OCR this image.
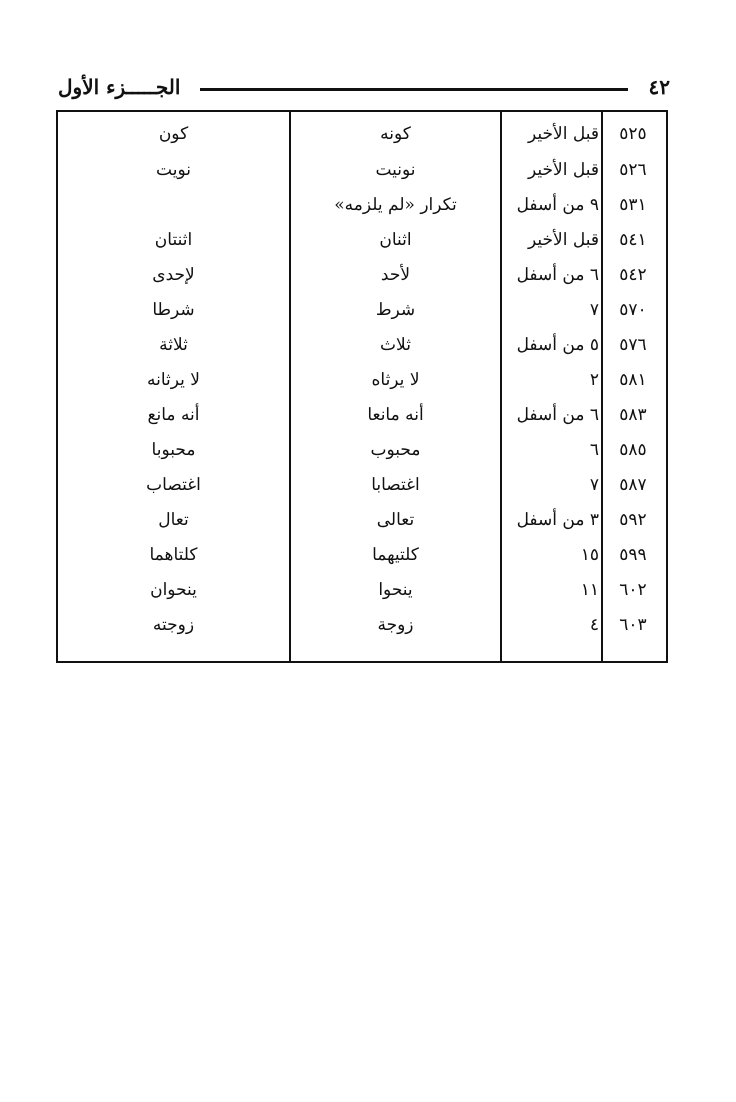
٤٢
الجـــــزء الأول
٥٢٥
قبل الأخير
كونه
كون
٥٢٦
قبل الأخير
نونيت
نويت
٥٣١
٩ من أسفل
تكرار «لم يلزمه»
٥٤١
قبل الأخير
اثنان
اثنتان
٥٤٢
٦ من أسفل
لأحد
لإحدى
٥٧٠
٧
شرط
شرطا
٥٧٦
٥ من أسفل
ثلاث
ثلاثة
٥٨١
٢
لا يرثاه
لا يرثانه
٥٨٣
٦ من أسفل
أنه مانعا
أنه مانع
٥٨٥
٦
محبوب
محبوبا
٥٨٧
٧
اغتصابا
اغتصاب
٥٩٢
٣ من أسفل
تعالى
تعال
٥٩٩
١٥
كلتيهما
كلتاهما
٦٠٢
١١
ينحوا
ينحوان
٦٠٣
٤
زوجة
زوجته
